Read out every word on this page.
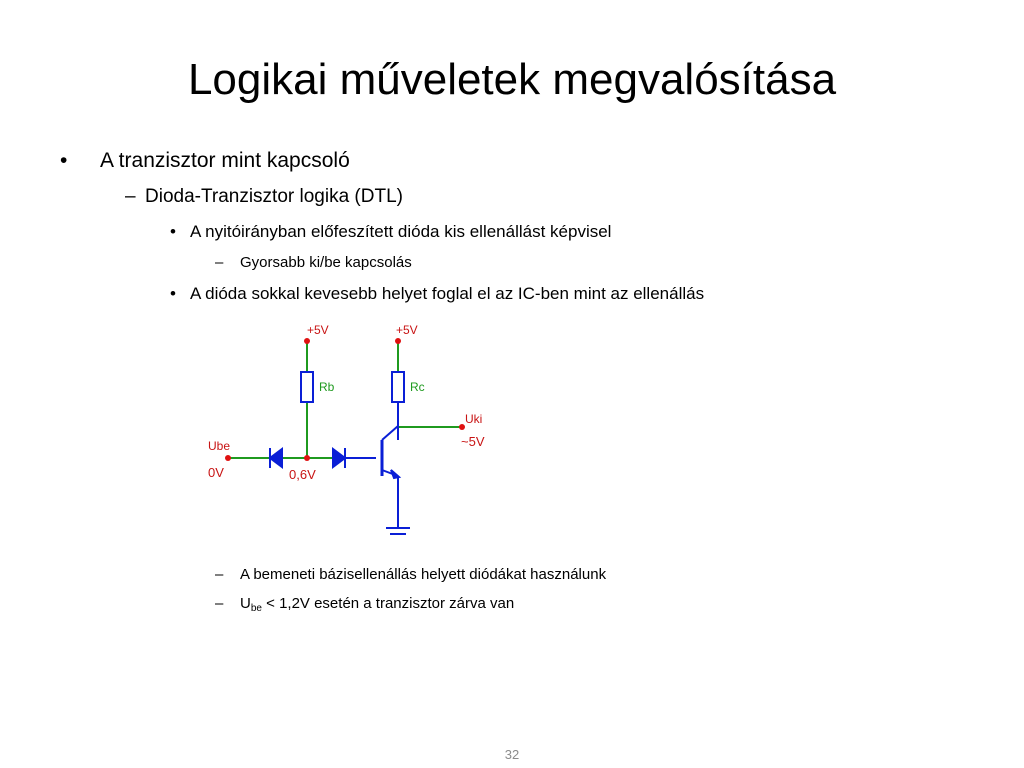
Logikai műveletek megvalósítása
• A tranzisztor mint kapcsoló
– Dioda-Tranzisztor logika (DTL)
• A nyitóirányban előfeszített dióda kis ellenállást képvisel
– Gyorsabb ki/be kapcsolás
• A dióda sokkal kevesebb helyet foglal el az IC-ben mint az ellenállás
+5V	+5V
Rb	Rc
Uki
~5V
Ube
0V	0,6V
– A bemeneti bázisellenállás helyett diódákat használunk
– $U_{be} < 1,2V$ esetén a tranzisztor zárva van
32
